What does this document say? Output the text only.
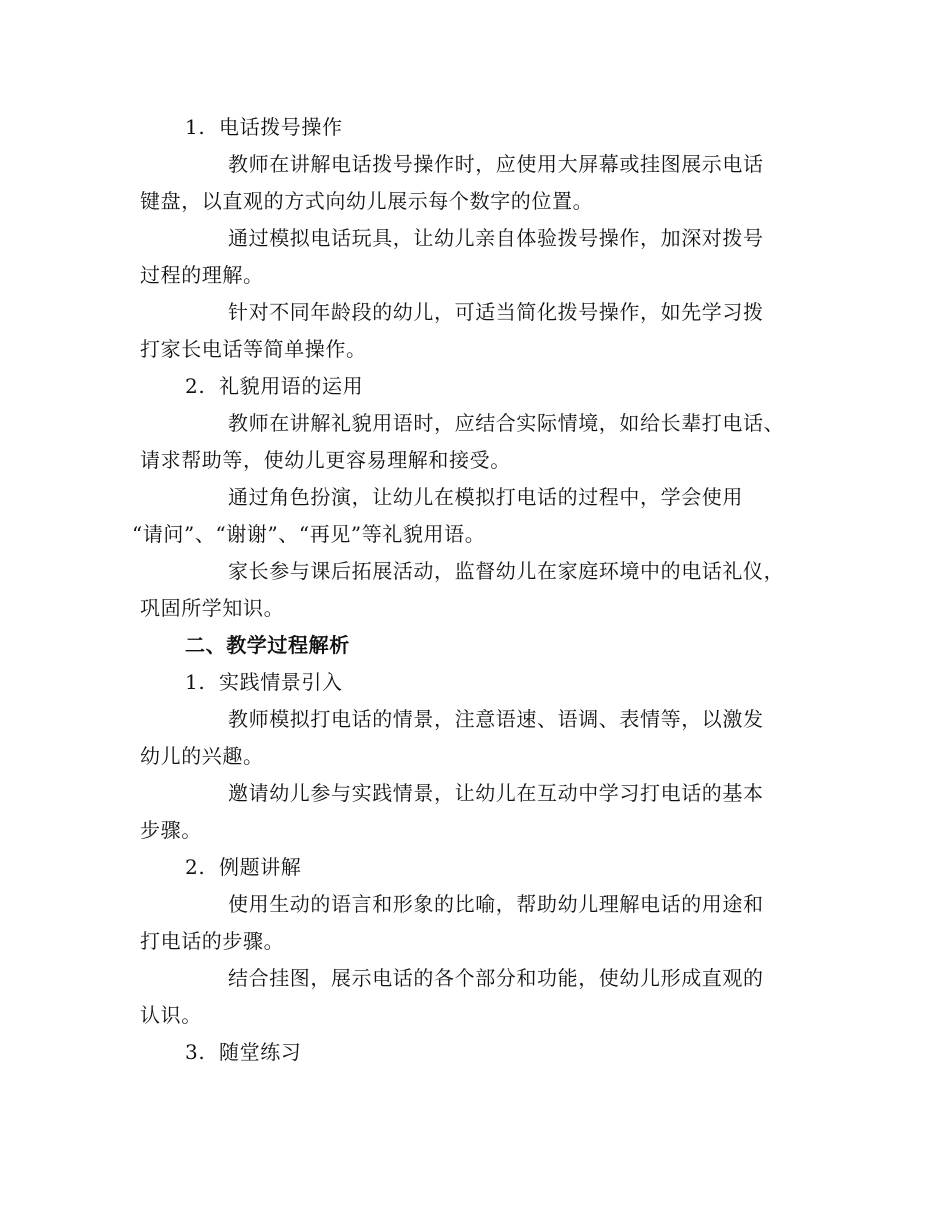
1. 电话拨号操作
教师在讲解电话拨号操作时，应使用大屏幕或挂图展示电话
键盘，以直观的方式向幼儿展示每个数字的位置。
通过模拟电话玩具，让幼儿亲自体验拨号操作，加深对拨号
过程的理解。
针对不同年龄段的幼儿，可适当简化拨号操作，如先学习拨
打家长电话等简单操作。
2. 礼貌用语的运用
教师在讲解礼貌用语时，应结合实际情境，如给长辈打电话、
请求帮助等，使幼儿更容易理解和接受。
通过角色扮演，让幼儿在模拟打电话的过程中，学会使用
“请问”、“谢谢”、“再见”等礼貌用语。
家长参与课后拓展活动，监督幼儿在家庭环境中的电话礼仪，
巩固所学知识。
二、教学过程解析
1. 实践情景引入
教师模拟打电话的情景，注意语速、语调、表情等，以激发
幼儿的兴趣。
邀请幼儿参与实践情景，让幼儿在互动中学习打电话的基本
步骤。
2. 例题讲解
使用生动的语言和形象的比喻，帮助幼儿理解电话的用途和
打电话的步骤。
结合挂图，展示电话的各个部分和功能，使幼儿形成直观的
认识。
3. 随堂练习
